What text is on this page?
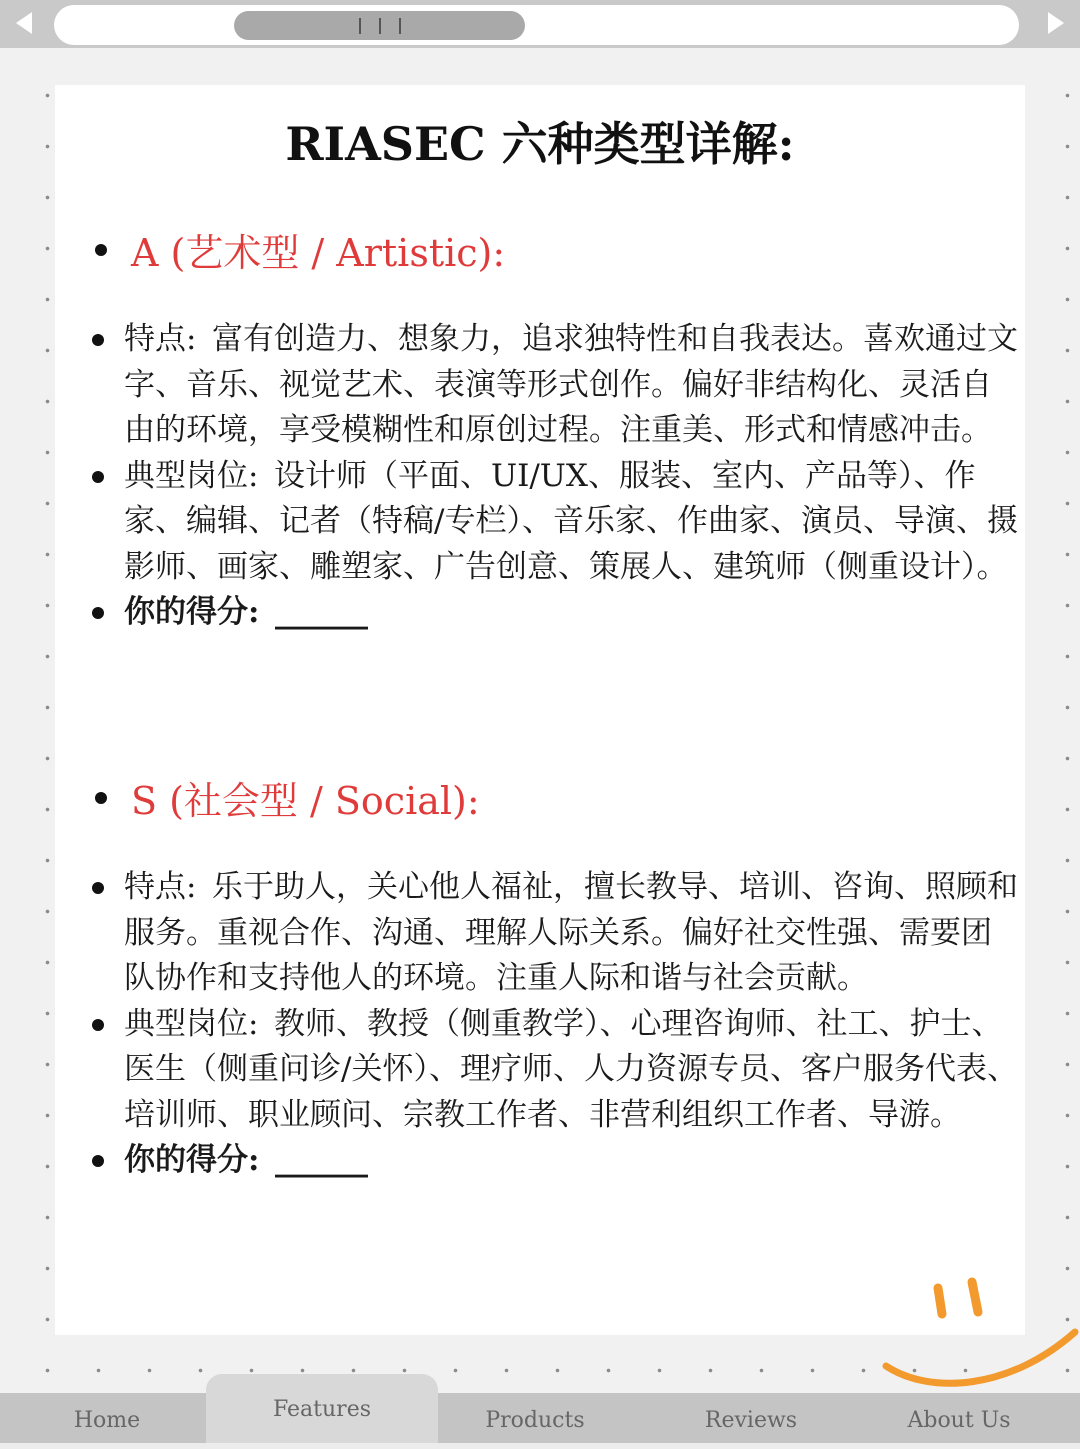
RIASEC 六种类型详解:
A (艺术型 / Artistic):
特点:  富有创造力、想象力，追求独特性和自我表达。喜欢通过文字、音乐、视觉艺术、表演等形式创作。偏好非结构化、灵活自由的环境，享受模糊性和原创过程。注重美、形式和情感冲击。
典型岗位:  设计师（平面、UI/UX、服装、室内、产品等）、作家、编辑、记者（特稿/专栏）、音乐家、作曲家、演员、导演、摄影师、画家、雕塑家、广告创意、策展人、建筑师（侧重设计）。
你的得分:  ______
S (社会型 / Social):
特点:  乐于助人，关心他人福祉，擅长教导、培训、咨询、照顾和服务。重视合作、沟通、理解人际关系。偏好社交性强、需要团队协作和支持他人的环境。注重人际和谐与社会贡献。
典型岗位:  教师、教授（侧重教学）、心理咨询师、社工、护士、医生（侧重问诊/关怀）、理疗师、人力资源专员、客户服务代表、培训师、职业顾问、宗教工作者、非营利组织工作者、导游。
你的得分:  ______
Home	Products	Reviews	About Us
Features
